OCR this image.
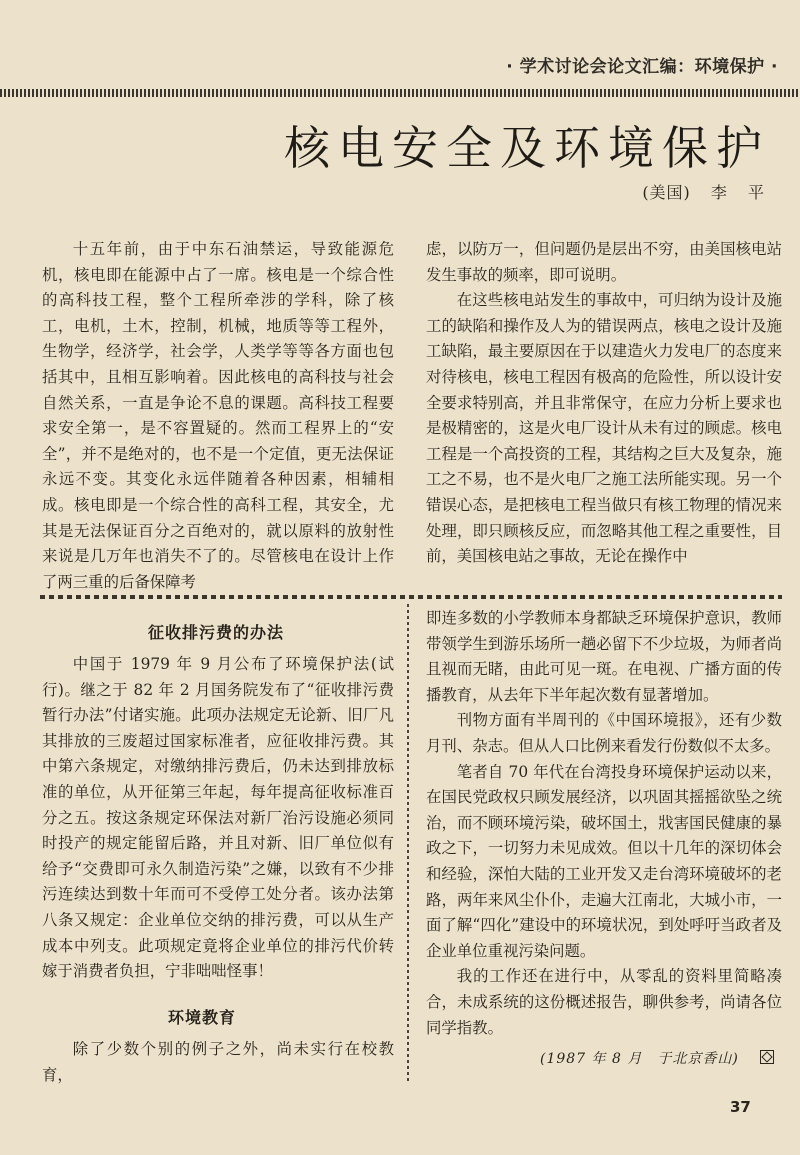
· 学术讨论会论文汇编：环境保护 ·
核电安全及环境保护
(美国) 李 平

十五年前，由于中东石油禁运，导致能源危机，核电即在能源中占了一席。核电是一个综合性的高科技工程，整个工程所牵涉的学科，除了核工，电机，土木，控制，机械，地质等等工程外，生物学，经济学，社会学，人类学等等各方面也包括其中，且相互影响着。因此核电的高科技与社会自然关系，一直是争论不息的课题。高科技工程要求安全第一，是不容置疑的。然而工程界上的“安全”，并不是绝对的，也不是一个定值，更无法保证永远不变。其变化永远伴随着各种因素，相辅相成。核电即是一个综合性的高科工程，其安全，尤其是无法保证百分之百绝对的，就以原料的放射性来说是几万年也消失不了的。尽管核电在设计上作了两三重的后备保障考

虑，以防万一，但问题仍是层出不穷，由美国核电站发生事故的频率，即可说明。

在这些核电站发生的事故中，可归纳为设计及施工的缺陷和操作及人为的错误两点，核电之设计及施工缺陷，最主要原因在于以建造火力发电厂的态度来对待核电，核电工程因有极高的危险性，所以设计安全要求特别高，并且非常保守，在应力分析上要求也是极精密的，这是火电厂设计从未有过的顾虑。核电工程是一个高投资的工程，其结构之巨大及复杂，施工之不易，也不是火电厂之施工法所能实现。另一个错误心态，是把核电工程当做只有核工物理的情况来处理，即只顾核反应，而忽略其他工程之重要性，目前，美国核电站之事故，无论在操作中

征收排污费的办法

中国于 1979 年 9 月公布了环境保护法(试行)。继之于 82 年 2 月国务院发布了“征收排污费暂行办法”付诸实施。此项办法规定无论新、旧厂凡其排放的三废超过国家标准者，应征收排污费。其中第六条规定，对缴纳排污费后，仍未达到排放标准的单位，从开征第三年起，每年提高征收标准百分之五。按这条规定环保法对新厂治污设施必须同时投产的规定能留后路，并且对新、旧厂单位似有给予“交费即可永久制造污染”之嫌，以致有不少排污连续达到数十年而可不受停工处分者。该办法第八条又规定：企业单位交纳的排污费，可以从生产成本中列支。此项规定竟将企业单位的排污代价转嫁于消费者负担，宁非咄咄怪事！

环境教育

除了少数个别的例子之外，尚未实行在校教育，

即连多数的小学教师本身都缺乏环境保护意识，教师带领学生到游乐场所一趟必留下不少垃圾，为师者尚且视而无睹，由此可见一斑。在电视、广播方面的传播教育，从去年下半年起次数有显著增加。

刊物方面有半周刊的《中国环境报》，还有少数月刊、杂志。但从人口比例来看发行份数似不太多。

笔者自 70 年代在台湾投身环境保护运动以来，在国民党政权只顾发展经济，以巩固其摇摇欲坠之统治，而不顾环境污染，破坏国土，戕害国民健康的暴政之下，一切努力未见成效。但以十几年的深切体会和经验，深怕大陆的工业开发又走台湾环境破坏的老路，两年来风尘仆仆，走遍大江南北，大城小市，一面了解“四化”建设中的环境状况，到处呼吁当政者及企业单位重视污染问题。

我的工作还在进行中，从零乱的资料里简略凑合，未成系统的这份概述报告，聊供参考，尚请各位同学指教。

(1987 年 8 月　于北京香山)
37
